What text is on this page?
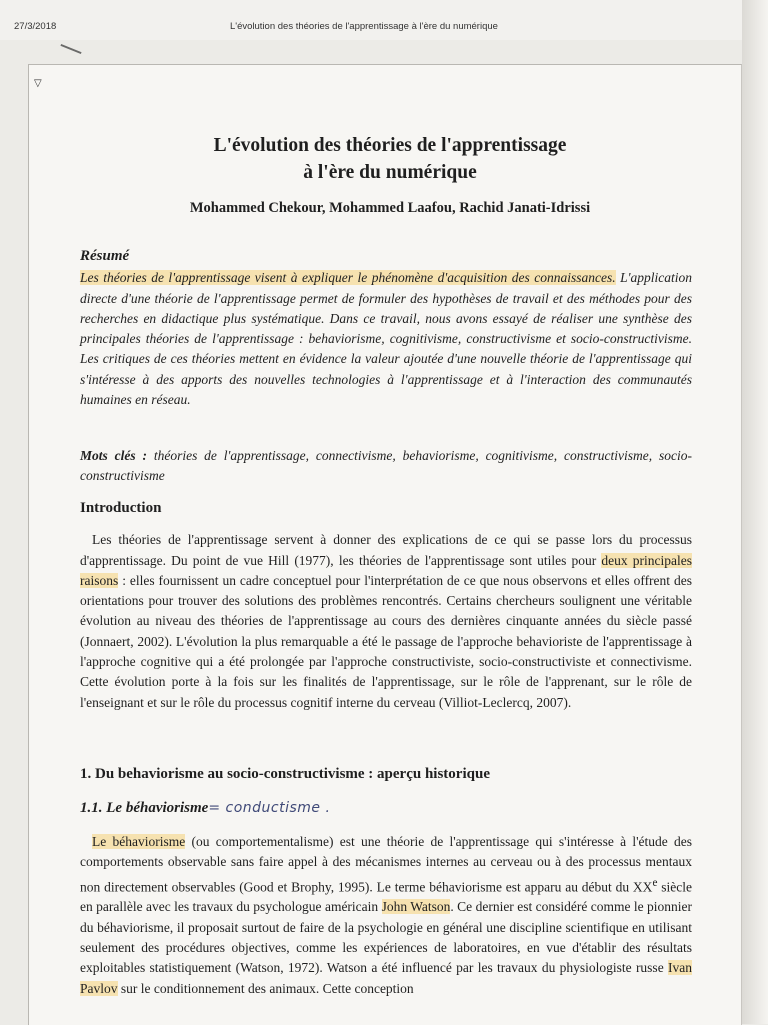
27/3/2018	L'évolution des théories de l'apprentissage à l'ère du numérique
▽
L'évolution des théories de l'apprentissage
à l'ère du numérique
Mohammed Chekour, Mohammed Laafou, Rachid Janati-Idrissi
Résumé

Les théories de l'apprentissage visent à expliquer le phénomène d'acquisition des connaissances. L'application directe d'une théorie de l'apprentissage permet de formuler des hypothèses de travail et des méthodes pour des recherches en didactique plus systématique. Dans ce travail, nous avons essayé de réaliser une synthèse des principales théories de l'apprentissage : behaviorisme, cognitivisme, constructivisme et socio-constructivisme. Les critiques de ces théories mettent en évidence la valeur ajoutée d'une nouvelle théorie de l'apprentissage qui s'intéresse à des apports des nouvelles technologies à l'apprentissage et à l'interaction des communautés humaines en réseau.

Mots clés : théories de l'apprentissage, connectivisme, behaviorisme, cognitivisme, constructivisme, socio-constructivisme

Introduction

Les théories de l'apprentissage servent à donner des explications de ce qui se passe lors du processus d'apprentissage. Du point de vue Hill (1977), les théories de l'apprentissage sont utiles pour deux principales raisons : elles fournissent un cadre conceptuel pour l'interprétation de ce que nous observons et elles offrent des orientations pour trouver des solutions des problèmes rencontrés. Certains chercheurs soulignent une véritable évolution au niveau des théories de l'apprentissage au cours des dernières cinquante années du siècle passé (Jonnaert, 2002). L'évolution la plus remarquable a été le passage de l'approche behavioriste de l'apprentissage à l'approche cognitive qui a été prolongée par l'approche constructiviste, socio-constructiviste et connectivisme. Cette évolution porte à la fois sur les finalités de l'apprentissage, sur le rôle de l'apprenant, sur le rôle de l'enseignant et sur le rôle du processus cognitif interne du cerveau (Villiot-Leclercq, 2007).

1. Du behaviorisme au socio-constructivisme : aperçu historique
1.1. Le béhaviorisme= conductisme .

Le béhaviorisme (ou comportementalisme) est une théorie de l'apprentissage qui s'intéresse à l'étude des comportements observable sans faire appel à des mécanismes internes au cerveau ou à des processus mentaux non directement observables (Good et Brophy, 1995). Le terme béhaviorisme est apparu au début du XXe siècle en parallèle avec les travaux du psychologue américain John Watson. Ce dernier est considéré comme le pionnier du béhaviorisme, il proposait surtout de faire de la psychologie en général une discipline scientifique en utilisant seulement des procédures objectives, comme les expériences de laboratoires, en vue d'établir des résultats exploitables statistiquement (Watson, 1972). Watson a été influencé par les travaux du physiologiste russe Ivan Pavlov sur le conditionnement des animaux. Cette conception
